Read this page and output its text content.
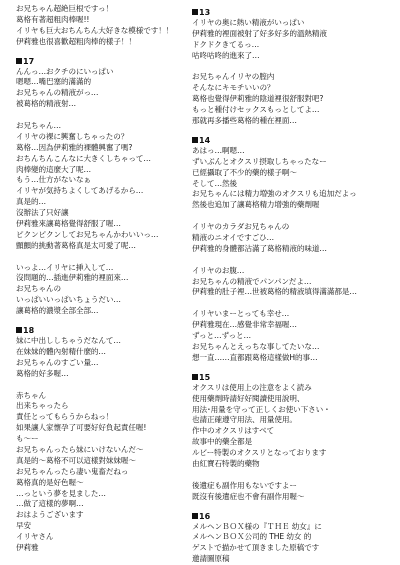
お兄ちゃん超絶巨根ですっ！
葛格有著超粗肉棒喔!!
イリヤも巨大おちんちん大好きな模様です！！
伊莉雅也很喜歡超粗肉棒的樣子！！
17
んんっ…おクチのにいっぱい
嗯嗯…嘴巴塞的滿滿的
お兄ちゃんの精液がっ…
被葛格的精液射…
お兄ちゃん…
イリヤの裸に興奮しちゃったの？
葛格…因為伊莉雅的裸體興奮了嗎?
おちんちんこんなに大きくしちゃって…
肉棒變的這麼大了呢…
もう…仕方がないなぁ
イリヤが気持ちよくしてあげるから…
真是的…
沒辦法了只好讓
伊莉雅來讓葛格覺得舒服了喔…
ピクンピクンしてお兄ちゃんかわいいっ…
顫顫的挑動著葛格真是太可愛了呢…
いっよ…イリヤに挿入して…
沒問題的…插進伊莉雅的裡面來…
お兄ちゃんの
いっぱいいっぱいちょうだい…
讓葛格的濃漿全部全部…
18
妹に中出ししちゃうだなんて…
在妹妹的體內射精什麼的…
お兄ちゃんのすごい量…
葛格的好多喔…
赤ちゃん
出来ちゃったら
責任とってもらうからねっ！
如果讓人家懷孕了可要好好負起責任喔!
も～ー
お兄ちゃんったら妹にいけないんだ～
真是的～葛格不可以這樣對妹妹喔～
お兄ちゃんったら凄い鬼畜だねっ
葛格真的是好色喔～
…っという夢を見ました…
…做了這樣的夢啊…
おはようございます
早安
イリヤさん
伊莉雅
13
イリヤの奥に熱い精液がいっぱい
伊莉雅的裡面被射了好多好多的溫熱精液
ドクドクきてるっ…
咕咚咕咚的進來了…
お兄ちゃんイリヤの膣内
そんなにキモチいいの？
葛格也覺得伊莉雅的陰道裡很舒服對吧?
もっと種付けセックスもっとしてよ…
那就再多播些葛格的種在裡面…
14
あはっ…啊嗯…
ずいぶんとオクスリ摂取しちゃったなー
已經攝取了不少的藥的樣子啊～
そして…然後
お兄ちゃんには精力増強のオクスリも追加だよっ
然後也追加了讓葛格精力增強的藥劑喔
イリヤのカラダお兄ちゃんの
精液のニオイですごひ…
伊莉雅的身體都沾滿了葛格精液的味道…
イリヤのお腹…
お兄ちゃんの精液でパンパンだよ…
伊莉雅的肚子裡…世被葛格的精液填得滿滿都是…
イリヤいまーとっても幸せ…
伊莉雅現在…感覺非常幸福喔…
ずっと…ずっと…
お兄ちゃんとえっちな事してたいな…
想一直……直都跟葛格這樣做H的事…
15
オクスリは使用上の注意をよく読み
使用藥劑時請好好閱讀使用說明、
用法･用量を守って正しくお使い下さい・
也請正確遵守用法、用量使用。
作中のオクスリはすべて
故事中的藥全都是
ルビー特製のオクスリとなっております
由紅寶石特製的藥物
後遺症も副作用もないですよー
既沒有後遺症也不會有副作用喔～
16
メルヘンＢＯＸ様の『ＴＨＥ 幼女』に
メルヘンＢＯＸ公司的 THE 幼女 的
ゲストで描かせて頂きました原稿です
邀請圖原稿
